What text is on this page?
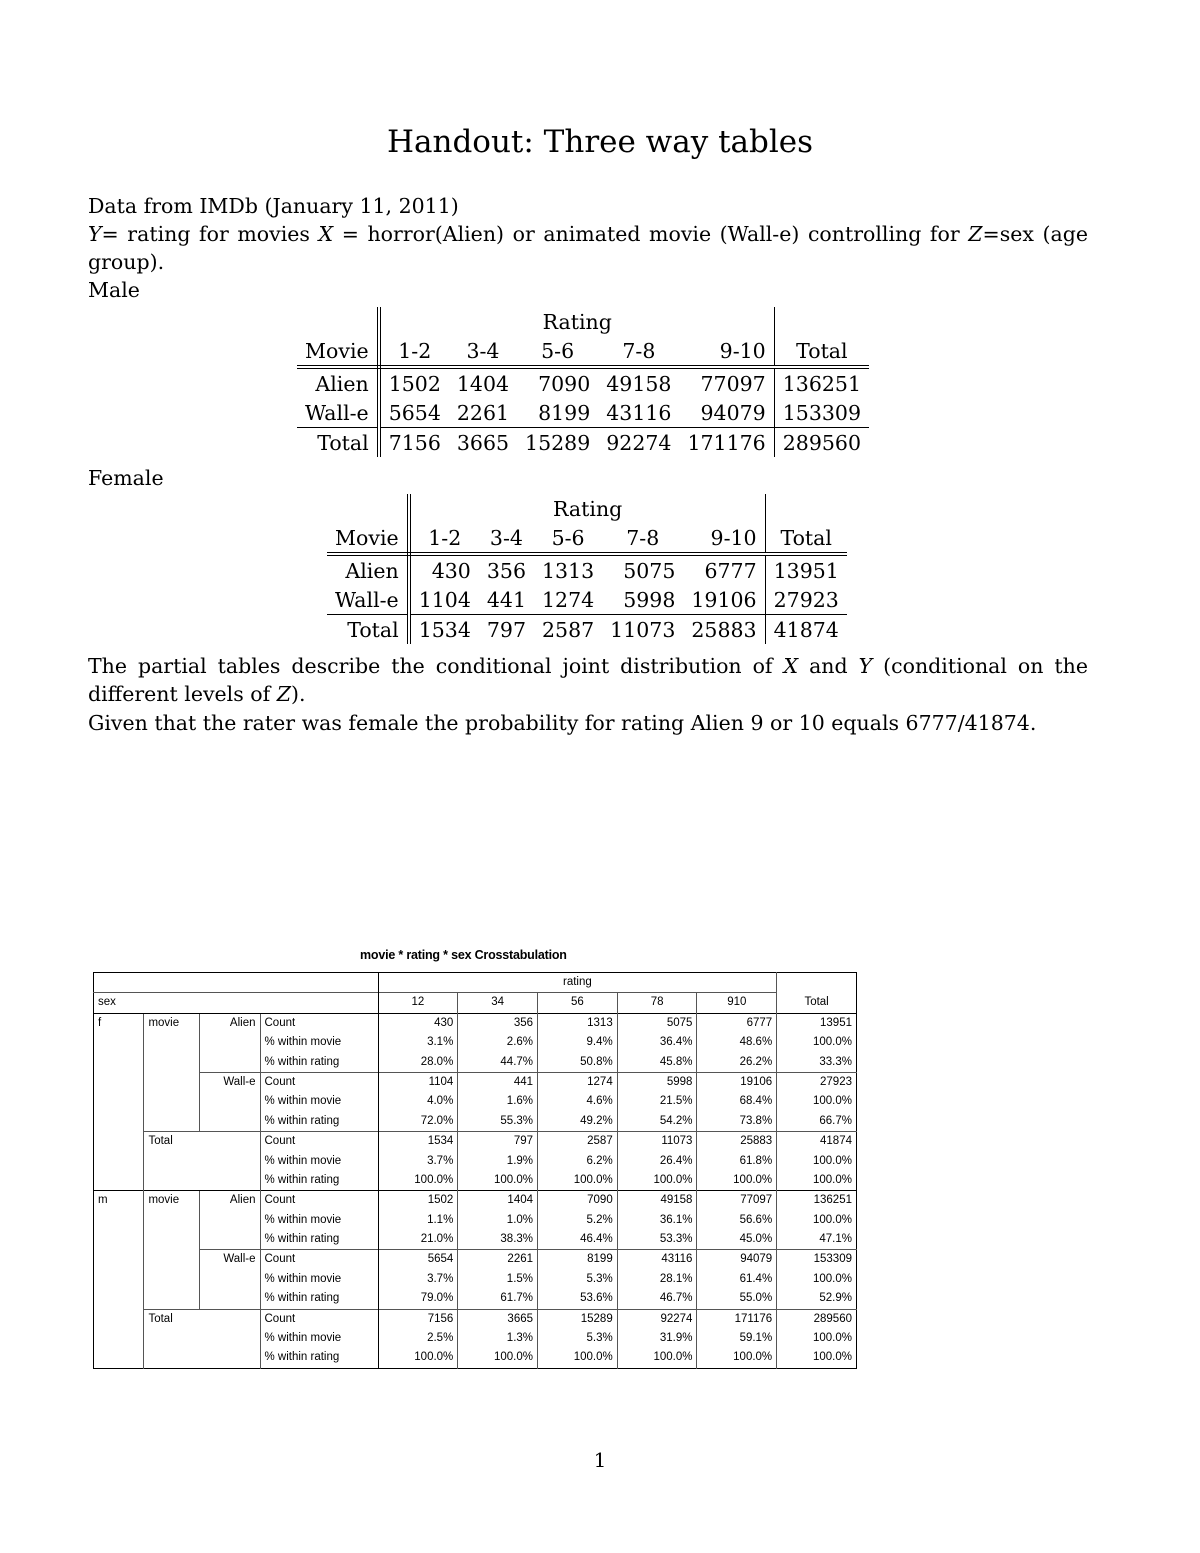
Handout: Three way tables
Data from IMDb (January 11, 2011)
Y= rating for movies X = horror(Alien) or animated movie (Wall-e) controlling for Z=sex (age group).
Male
	Rating					
Movie	1-2	3-4	5-6	7-8	9-10	Total
Alien	1502	1404	7090	49158	77097	136251
Wall-e	5654	2261	8199	43116	94079	153309
Total	7156	3665	15289	92274	171176	289560
Female
	Rating					
Movie	1-2	3-4	5-6	7-8	9-10	Total
Alien	430	356	1313	5075	6777	13951
Wall-e	1104	441	1274	5998	19106	27923
Total	1534	797	2587	11073	25883	41874
The partial tables describe the conditional joint distribution of X and Y (conditional on the different levels of Z).
Given that the rater was female the probability for rating Alien 9 or 10 equals 6777/41874.
movie * rating * sex Crosstabulation
				rating					
sex				12	34	56	78	910	Total
f	movie	Alien	Count	430	356	1313	5075	6777	13951
			% within movie	3.1%	2.6%	9.4%	36.4%	48.6%	100.0%
			% within rating	28.0%	44.7%	50.8%	45.8%	26.2%	33.3%
		Wall-e	Count	1104	441	1274	5998	19106	27923
			% within movie	4.0%	1.6%	4.6%	21.5%	68.4%	100.0%
			% within rating	72.0%	55.3%	49.2%	54.2%	73.8%	66.7%
	Total		Count	1534	797	2587	11073	25883	41874
			% within movie	3.7%	1.9%	6.2%	26.4%	61.8%	100.0%
			% within rating	100.0%	100.0%	100.0%	100.0%	100.0%	100.0%
m	movie	Alien	Count	1502	1404	7090	49158	77097	136251
			% within movie	1.1%	1.0%	5.2%	36.1%	56.6%	100.0%
			% within rating	21.0%	38.3%	46.4%	53.3%	45.0%	47.1%
		Wall-e	Count	5654	2261	8199	43116	94079	153309
			% within movie	3.7%	1.5%	5.3%	28.1%	61.4%	100.0%
			% within rating	79.0%	61.7%	53.6%	46.7%	55.0%	52.9%
	Total		Count	7156	3665	15289	92274	171176	289560
			% within movie	2.5%	1.3%	5.3%	31.9%	59.1%	100.0%
			% within rating	100.0%	100.0%	100.0%	100.0%	100.0%	100.0%
1
